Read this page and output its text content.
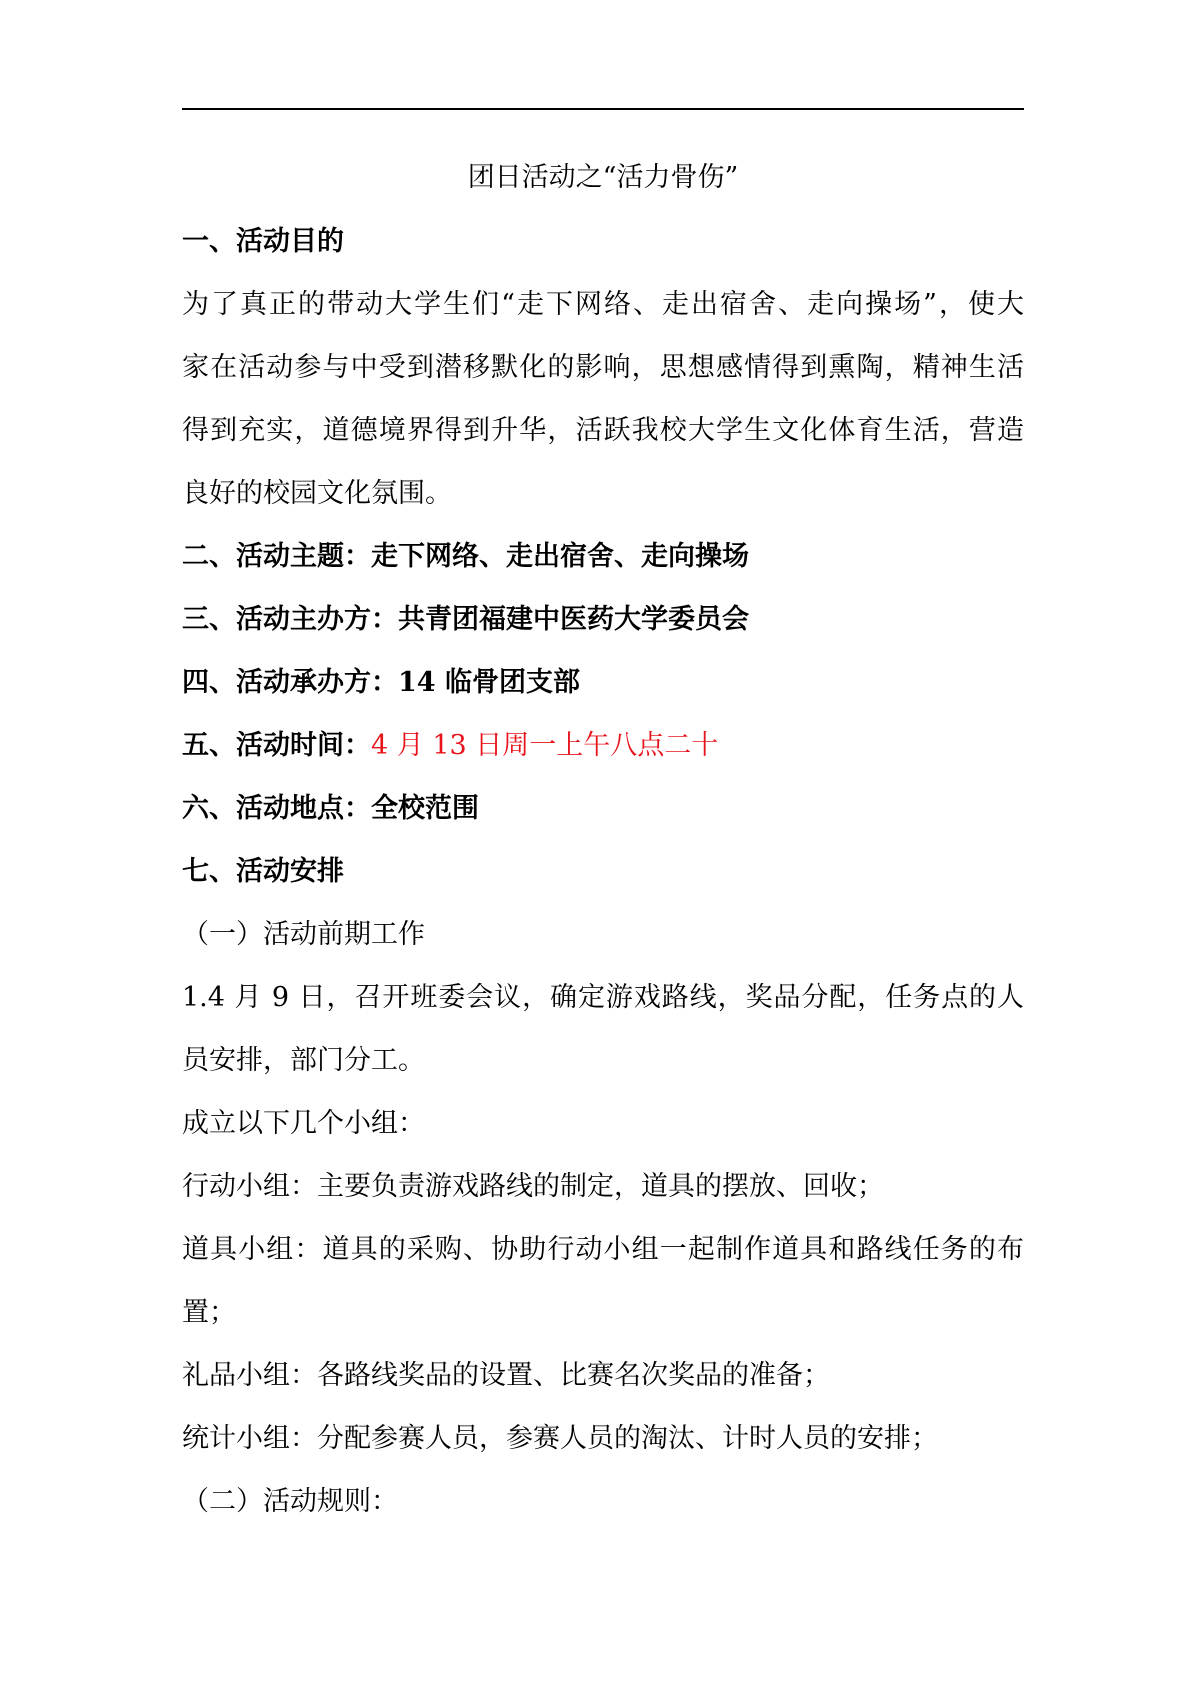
团日活动之“活力骨伤”
一、活动目的
为了真正的带动大学生们“走下网络、走出宿舍、走向操场”，使大
家在活动参与中受到潜移默化的影响，思想感情得到熏陶，精神生活
得到充实，道德境界得到升华，活跃我校大学生文化体育生活，营造
良好的校园文化氛围。
二、活动主题：走下网络、走出宿舍、走向操场
三、活动主办方：共青团福建中医药大学委员会
四、活动承办方：14 临骨团支部
五、活动时间：4 月 13 日周一上午八点二十
六、活动地点：全校范围
七、活动安排
（一）活动前期工作
1.4 月 9 日，召开班委会议，确定游戏路线，奖品分配，任务点的人
员安排，部门分工。
成立以下几个小组：
行动小组：主要负责游戏路线的制定，道具的摆放、回收；
道具小组：道具的采购、协助行动小组一起制作道具和路线任务的布
置；
礼品小组：各路线奖品的设置、比赛名次奖品的准备；
统计小组：分配参赛人员，参赛人员的淘汰、计时人员的安排；
（二）活动规则：
